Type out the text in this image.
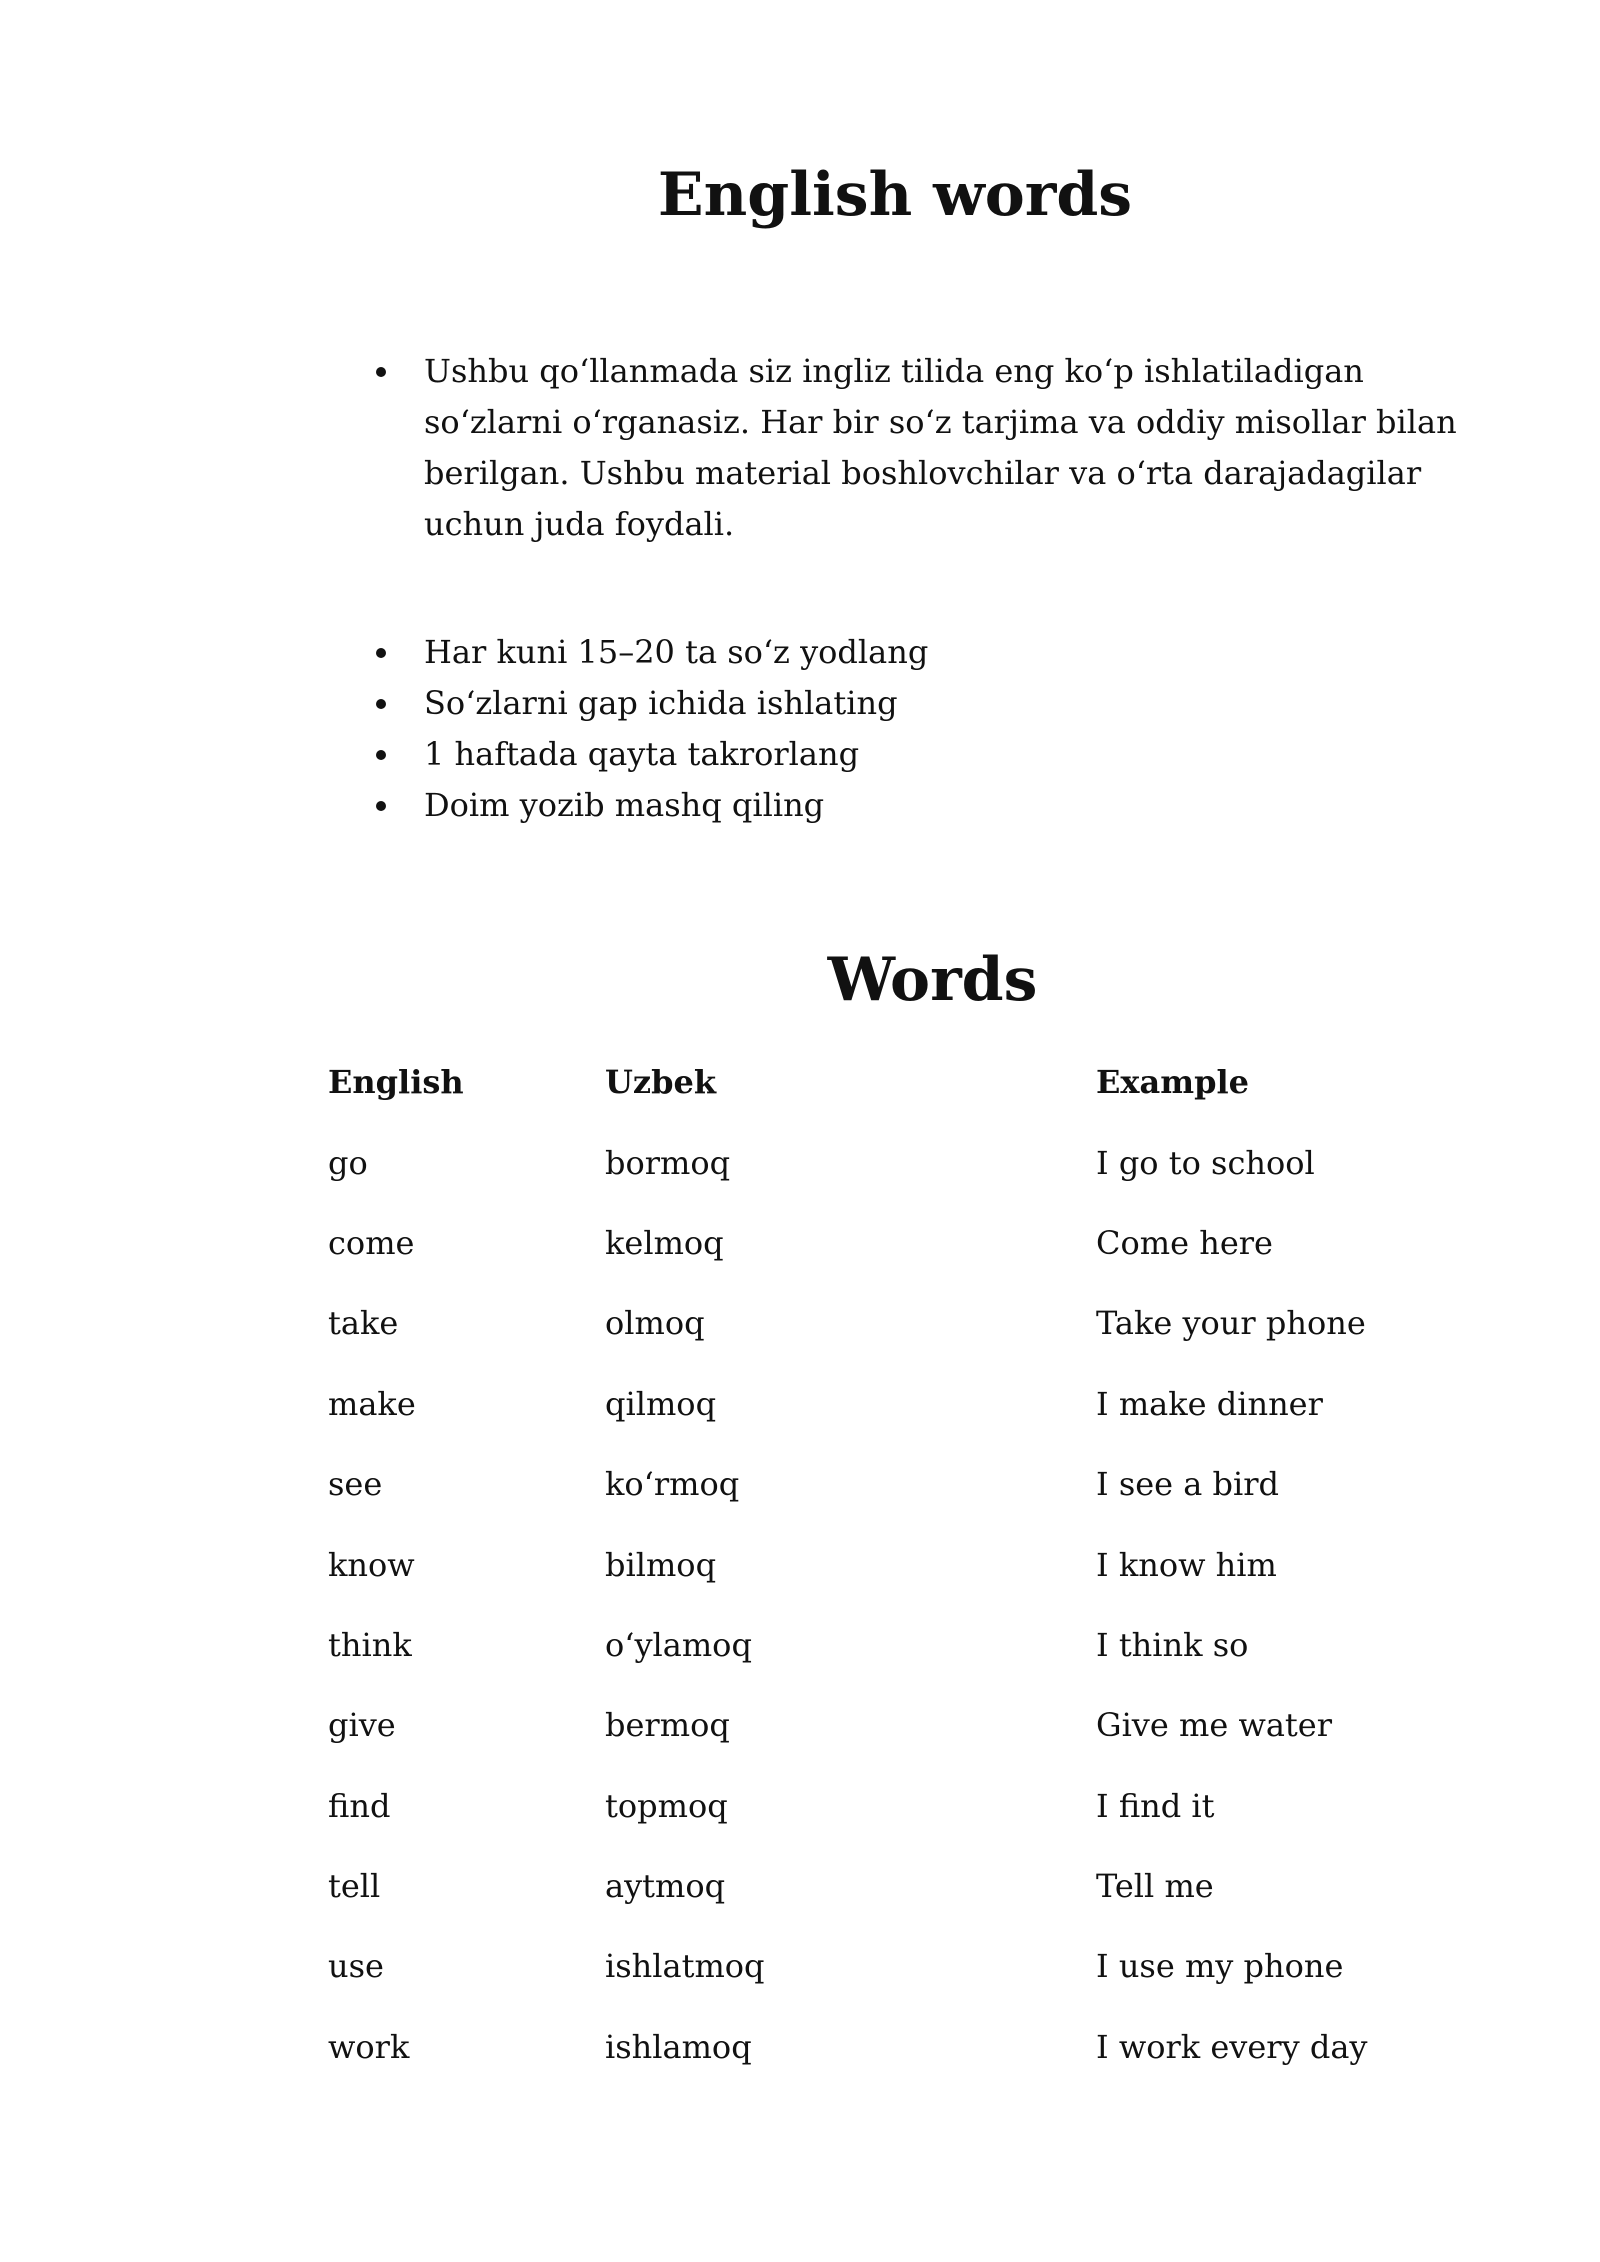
English words
Ushbu qo‘llanmada siz ingliz tilida eng ko‘p ishlatiladigan so‘zlarni o‘rganasiz. Har bir so‘z tarjima va oddiy misollar bilan berilgan. Ushbu material boshlovchilar va o‘rta darajadagilar uchun juda foydali.
Har kuni 15–20 ta so‘z yodlang
So‘zlarni gap ichida ishlating
1 haftada qayta takrorlang
Doim yozib mashq qiling
Words
English	Uzbek	Example
go	bormoq	I go to school
come	kelmoq	Come here
take	olmoq	Take your phone
make	qilmoq	I make dinner
see	ko‘rmoq	I see a bird
know	bilmoq	I know him
think	o‘ylamoq	I think so
give	bermoq	Give me water
find	topmoq	I find it
tell	aytmoq	Tell me
use	ishlatmoq	I use my phone
work	ishlamoq	I work every day
